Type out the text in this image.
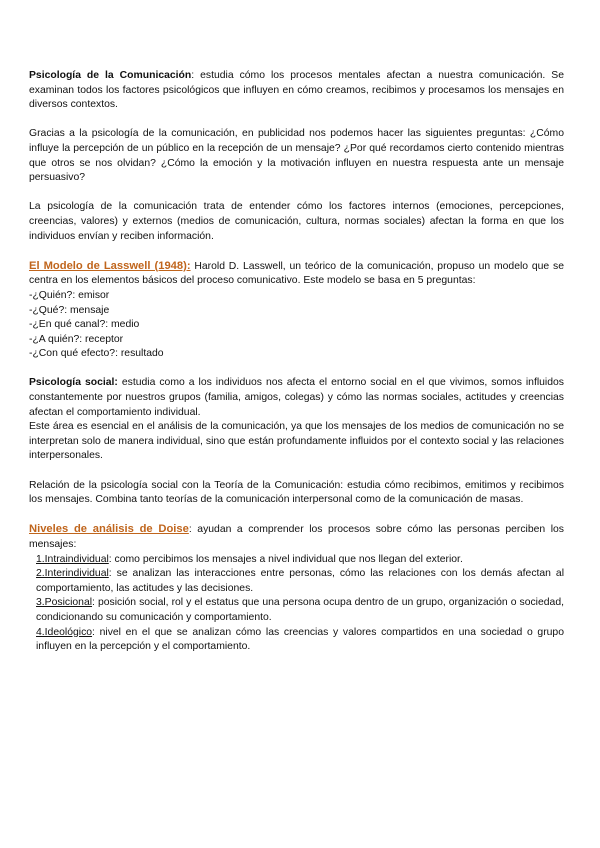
Psicología de la Comunicación: estudia cómo los procesos mentales afectan a nuestra comunicación. Se examinan todos los factores psicológicos que influyen en cómo creamos, recibimos y procesamos los mensajes en diversos contextos.

Gracias a la psicología de la comunicación, en publicidad nos podemos hacer las siguientes preguntas: ¿Cómo influye la percepción de un público en la recepción de un mensaje? ¿Por qué recordamos cierto contenido mientras que otros se nos olvidan? ¿Cómo la emoción y la motivación influyen en nuestra respuesta ante un mensaje persuasivo?

La psicología de la comunicación trata de entender cómo los factores internos (emociones, percepciones, creencias, valores) y externos (medios de comunicación, cultura, normas sociales) afectan la forma en que los individuos envían y reciben información.

El Modelo de Lasswell (1948): Harold D. Lasswell, un teórico de la comunicación, propuso un modelo que se centra en los elementos básicos del proceso comunicativo. Este modelo se basa en 5 preguntas:

-¿Quién?: emisor
-¿Qué?: mensaje
-¿En qué canal?: medio
-¿A quién?: receptor
-¿Con qué efecto?: resultado

Psicología social: estudia como a los individuos nos afecta el entorno social en el que vivimos, somos influidos constantemente por nuestros grupos (familia, amigos, colegas) y cómo las normas sociales, actitudes y creencias afectan el comportamiento individual.

Este área es esencial en el análisis de la comunicación, ya que los mensajes de los medios de comunicación no se interpretan solo de manera individual, sino que están profundamente influidos por el contexto social y las relaciones interpersonales.

Relación de la psicología social con la Teoría de la Comunicación: estudia cómo recibimos, emitimos y recibimos los mensajes. Combina tanto teorías de la comunicación interpersonal como de la comunicación de masas.

Niveles de análisis de Doise: ayudan a comprender los procesos sobre cómo las personas perciben los mensajes:

1.Intraindividual: como percibimos los mensajes a nivel individual que nos llegan del exterior.

2.Interindividual: se analizan las interacciones entre personas, cómo las relaciones con los demás afectan al comportamiento, las actitudes y las decisiones.

3.Posicional: posición social, rol y el estatus que una persona ocupa dentro de un grupo, organización o sociedad, condicionando su comunicación y comportamiento.

4.Ideológico: nivel en el que se analizan cómo las creencias y valores compartidos en una sociedad o grupo influyen en la percepción y el comportamiento.
